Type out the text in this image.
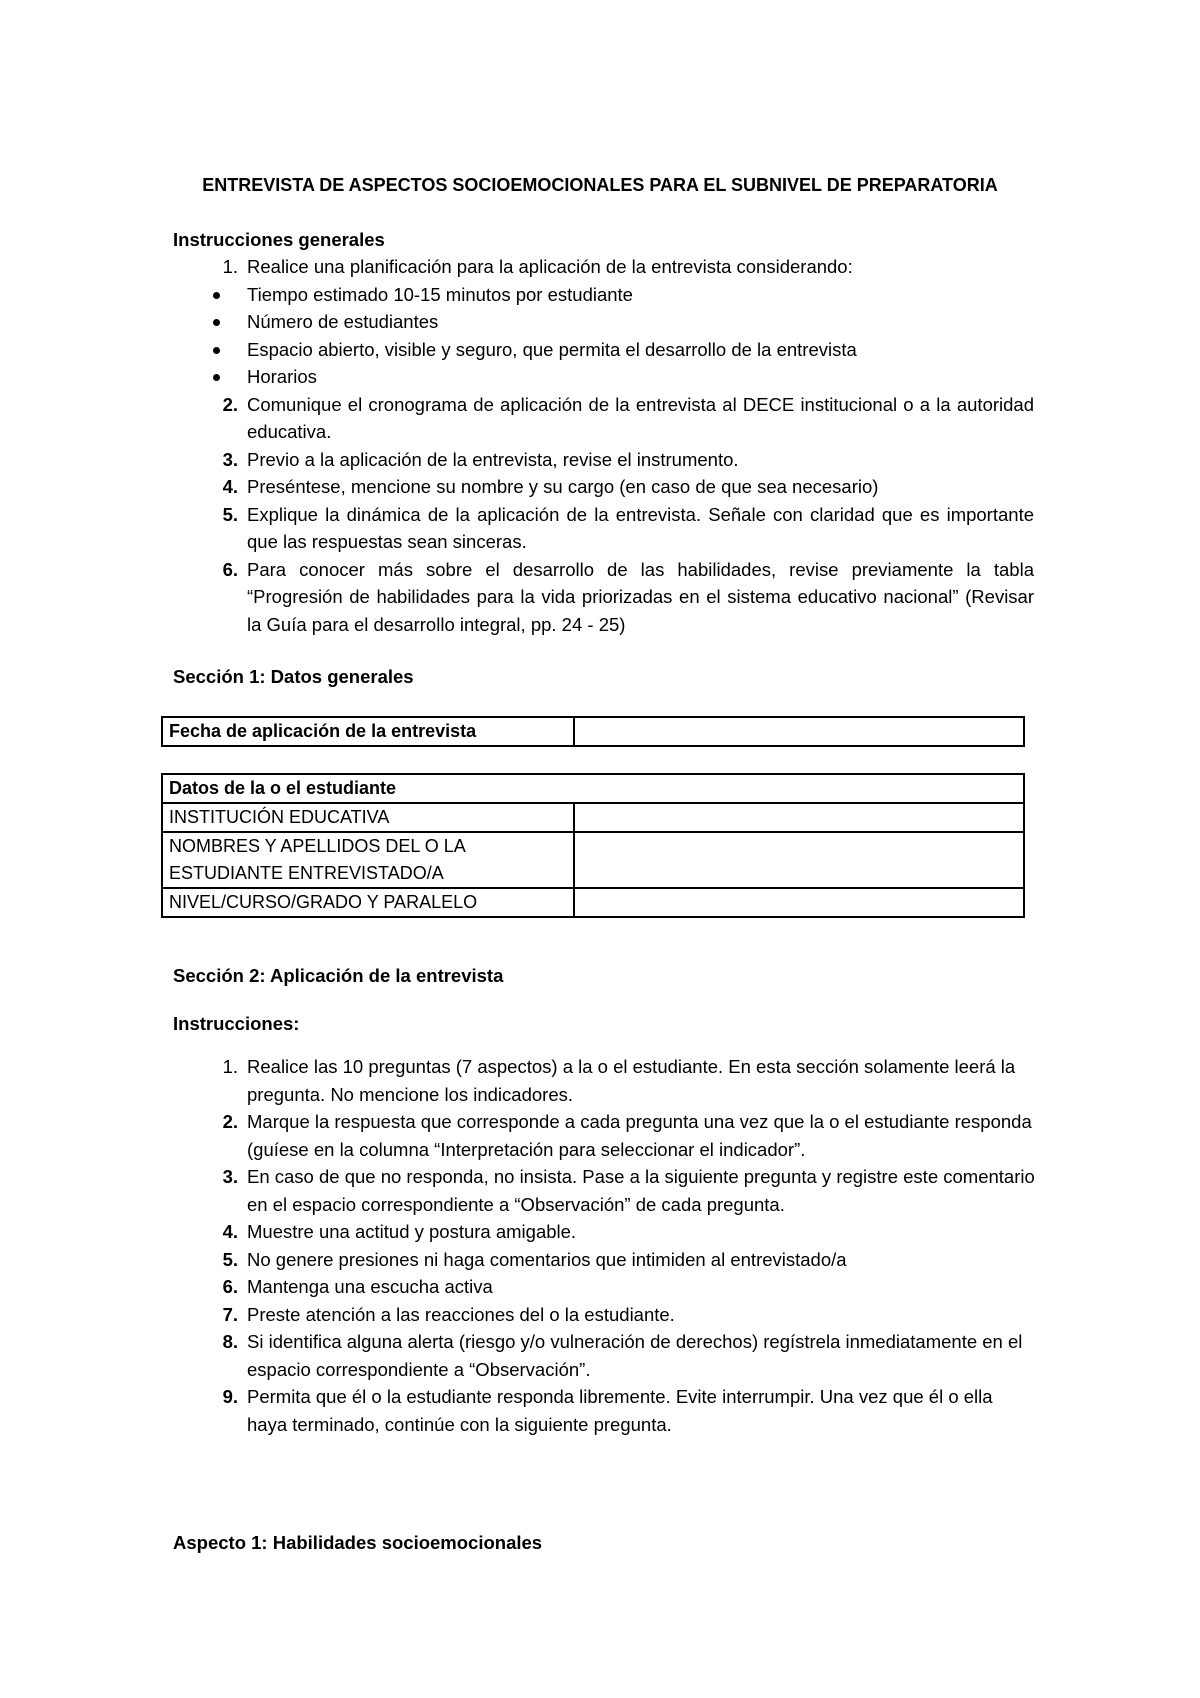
ENTREVISTA DE ASPECTOS SOCIOEMOCIONALES PARA EL SUBNIVEL DE PREPARATORIA
Instrucciones generales
1. Realice una planificación para la aplicación de la entrevista considerando:
Tiempo estimado 10-15 minutos por estudiante
Número de estudiantes
Espacio abierto, visible y seguro, que permita el desarrollo de la entrevista
Horarios
2. Comunique el cronograma de aplicación de la entrevista al DECE institucional o a la autoridad educativa.
3. Previo a la aplicación de la entrevista, revise el instrumento.
4. Preséntese, mencione su nombre y su cargo (en caso de que sea necesario)
5. Explique la dinámica de la aplicación de la entrevista. Señale con claridad que es importante que las respuestas sean sinceras.
6. Para conocer más sobre el desarrollo de las habilidades, revise previamente la tabla “Progresión de habilidades para la vida priorizadas en el sistema educativo nacional” (Revisar la Guía para el desarrollo integral, pp. 24 - 25)
Sección 1: Datos generales
Fecha de aplicación de la entrevista	
Datos de la o el estudiante	
INSTITUCIÓN EDUCATIVA	
NOMBRES Y APELLIDOS DEL O LA ESTUDIANTE ENTREVISTADO/A	
NIVEL/CURSO/GRADO Y PARALELO	
Sección 2: Aplicación de la entrevista
Instrucciones:
1. Realice las 10 preguntas (7 aspectos) a la o el estudiante. En esta sección solamente leerá la pregunta. No mencione los indicadores.
2. Marque la respuesta que corresponde a cada pregunta una vez que la o el estudiante responda (guíese en la columna “Interpretación para seleccionar el indicador”.
3. En caso de que no responda, no insista. Pase a la siguiente pregunta y registre este comentario en el espacio correspondiente a “Observación” de cada pregunta.
4. Muestre una actitud y postura amigable.
5. No genere presiones ni haga comentarios que intimiden al entrevistado/a
6. Mantenga una escucha activa
7. Preste atención a las reacciones del o la estudiante.
8. Si identifica alguna alerta (riesgo y/o vulneración de derechos) regístrela inmediatamente en el espacio correspondiente a “Observación”.
9. Permita que él o la estudiante responda libremente. Evite interrumpir. Una vez que él o ella haya terminado, continúe con la siguiente pregunta.
Aspecto 1: Habilidades socioemocionales
